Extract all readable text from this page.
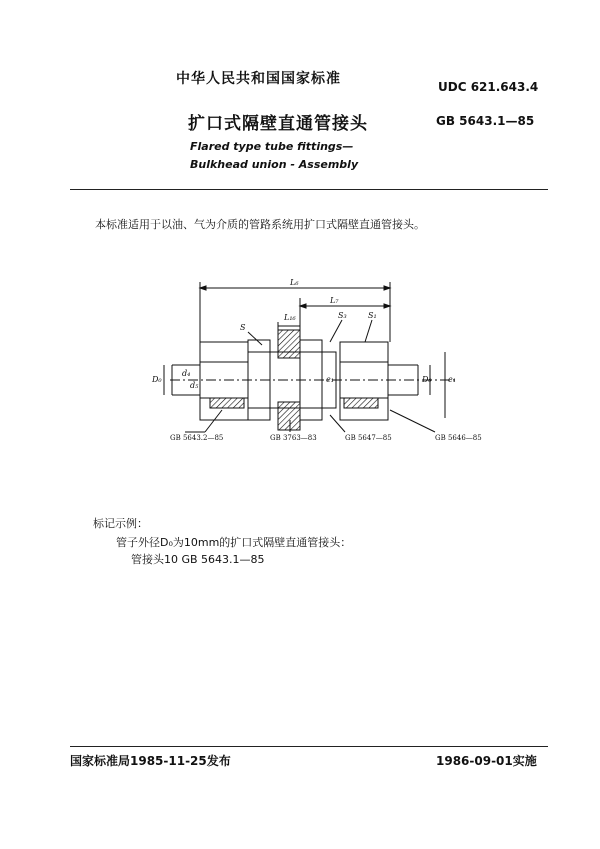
中华人民共和国国家标准	UDC 621.643.4
扩口式隔壁直通管接头	GB 5643.1—85
Flared type tube fittings—
Bulkhead union - Assembly
本标准适用于以油、气为介质的管路系统用扩口式隔壁直通管接头。
L₆
L₇
L₁₆
S
S₃	S₁
D₀
d₄
d₅
e₁	D₀ e₁
GB 5643.2—85	GB 3763—83	GB 5647—85	GB 5646—85
标记示例：
管子外径D₀为10mm的扩口式隔壁直通管接头：
管接头10 GB 5643.1—85
国家标准局1985-11-25发布	1986-09-01实施
